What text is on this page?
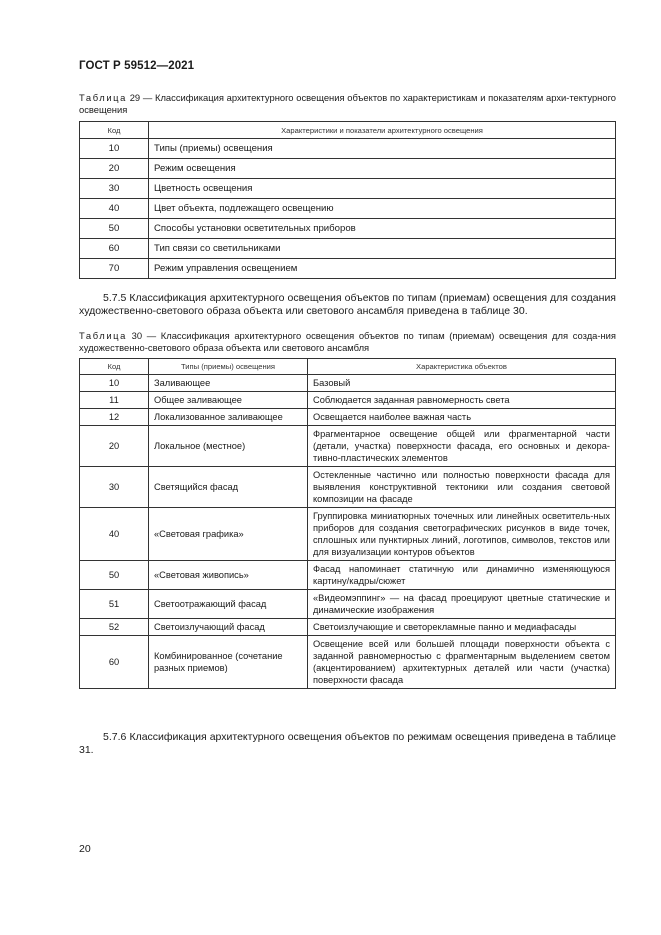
ГОСТ Р 59512—2021
Таблица 29 — Классификация архитектурного освещения объектов по характеристикам и показателям архи-тектурного освещения
Код	Характеристики и показатели архитектурного освещения
10	Типы (приемы) освещения
20	Режим освещения
30	Цветность освещения
40	Цвет объекта, подлежащего освещению
50	Способы установки осветительных приборов
60	Тип связи со светильниками
70	Режим управления освещением
5.7.5 Классификация архитектурного освещения объектов по типам (приемам) освещения для создания художественно-светового образа объекта или светового ансамбля приведена в таблице 30.
Таблица 30 — Классификация архитектурного освещения объектов по типам (приемам) освещения для созда-ния художественно-светового образа объекта или светового ансамбля
Код	Типы (приемы) освещения	Характеристика объектов
10	Заливающее	Базовый
11	Общее заливающее	Соблюдается заданная равномерность света
12	Локализованное заливающее	Освещается наиболее важная часть
20	Локальное (местное)	Фрагментарное освещение общей или фрагментарной части (детали, участка) поверхности фасада, его основных и декора-тивно-пластических элементов
30	Светящийся фасад	Остекленные частично или полностью поверхности фасада для выявления конструктивной тектоники или создания световой композиции на фасаде
40	«Световая графика»	Группировка миниатюрных точечных или линейных осветитель-ных приборов для создания светографических рисунков в виде точек, сплошных или пунктирных линий, логотипов, символов, текстов или для визуализации контуров объектов
50	«Световая живопись»	Фасад напоминает статичную или динамично изменяющуюся картину/кадры/сюжет
51	Светоотражающий фасад	«Видеомэппинг» — на фасад проецируют цветные статические и динамические изображения
52	Светоизлучающий фасад	Светоизлучающие и светорекламные панно и медиафасады
60	Комбинированное (сочетание разных приемов)	Освещение всей или большей площади поверхности объекта с заданной равномерностью с фрагментарным выделением светом (акцентированием) архитектурных деталей или части (участка) поверхности фасада
5.7.6 Классификация архитектурного освещения объектов по режимам освещения приведена в таблице 31.
20
